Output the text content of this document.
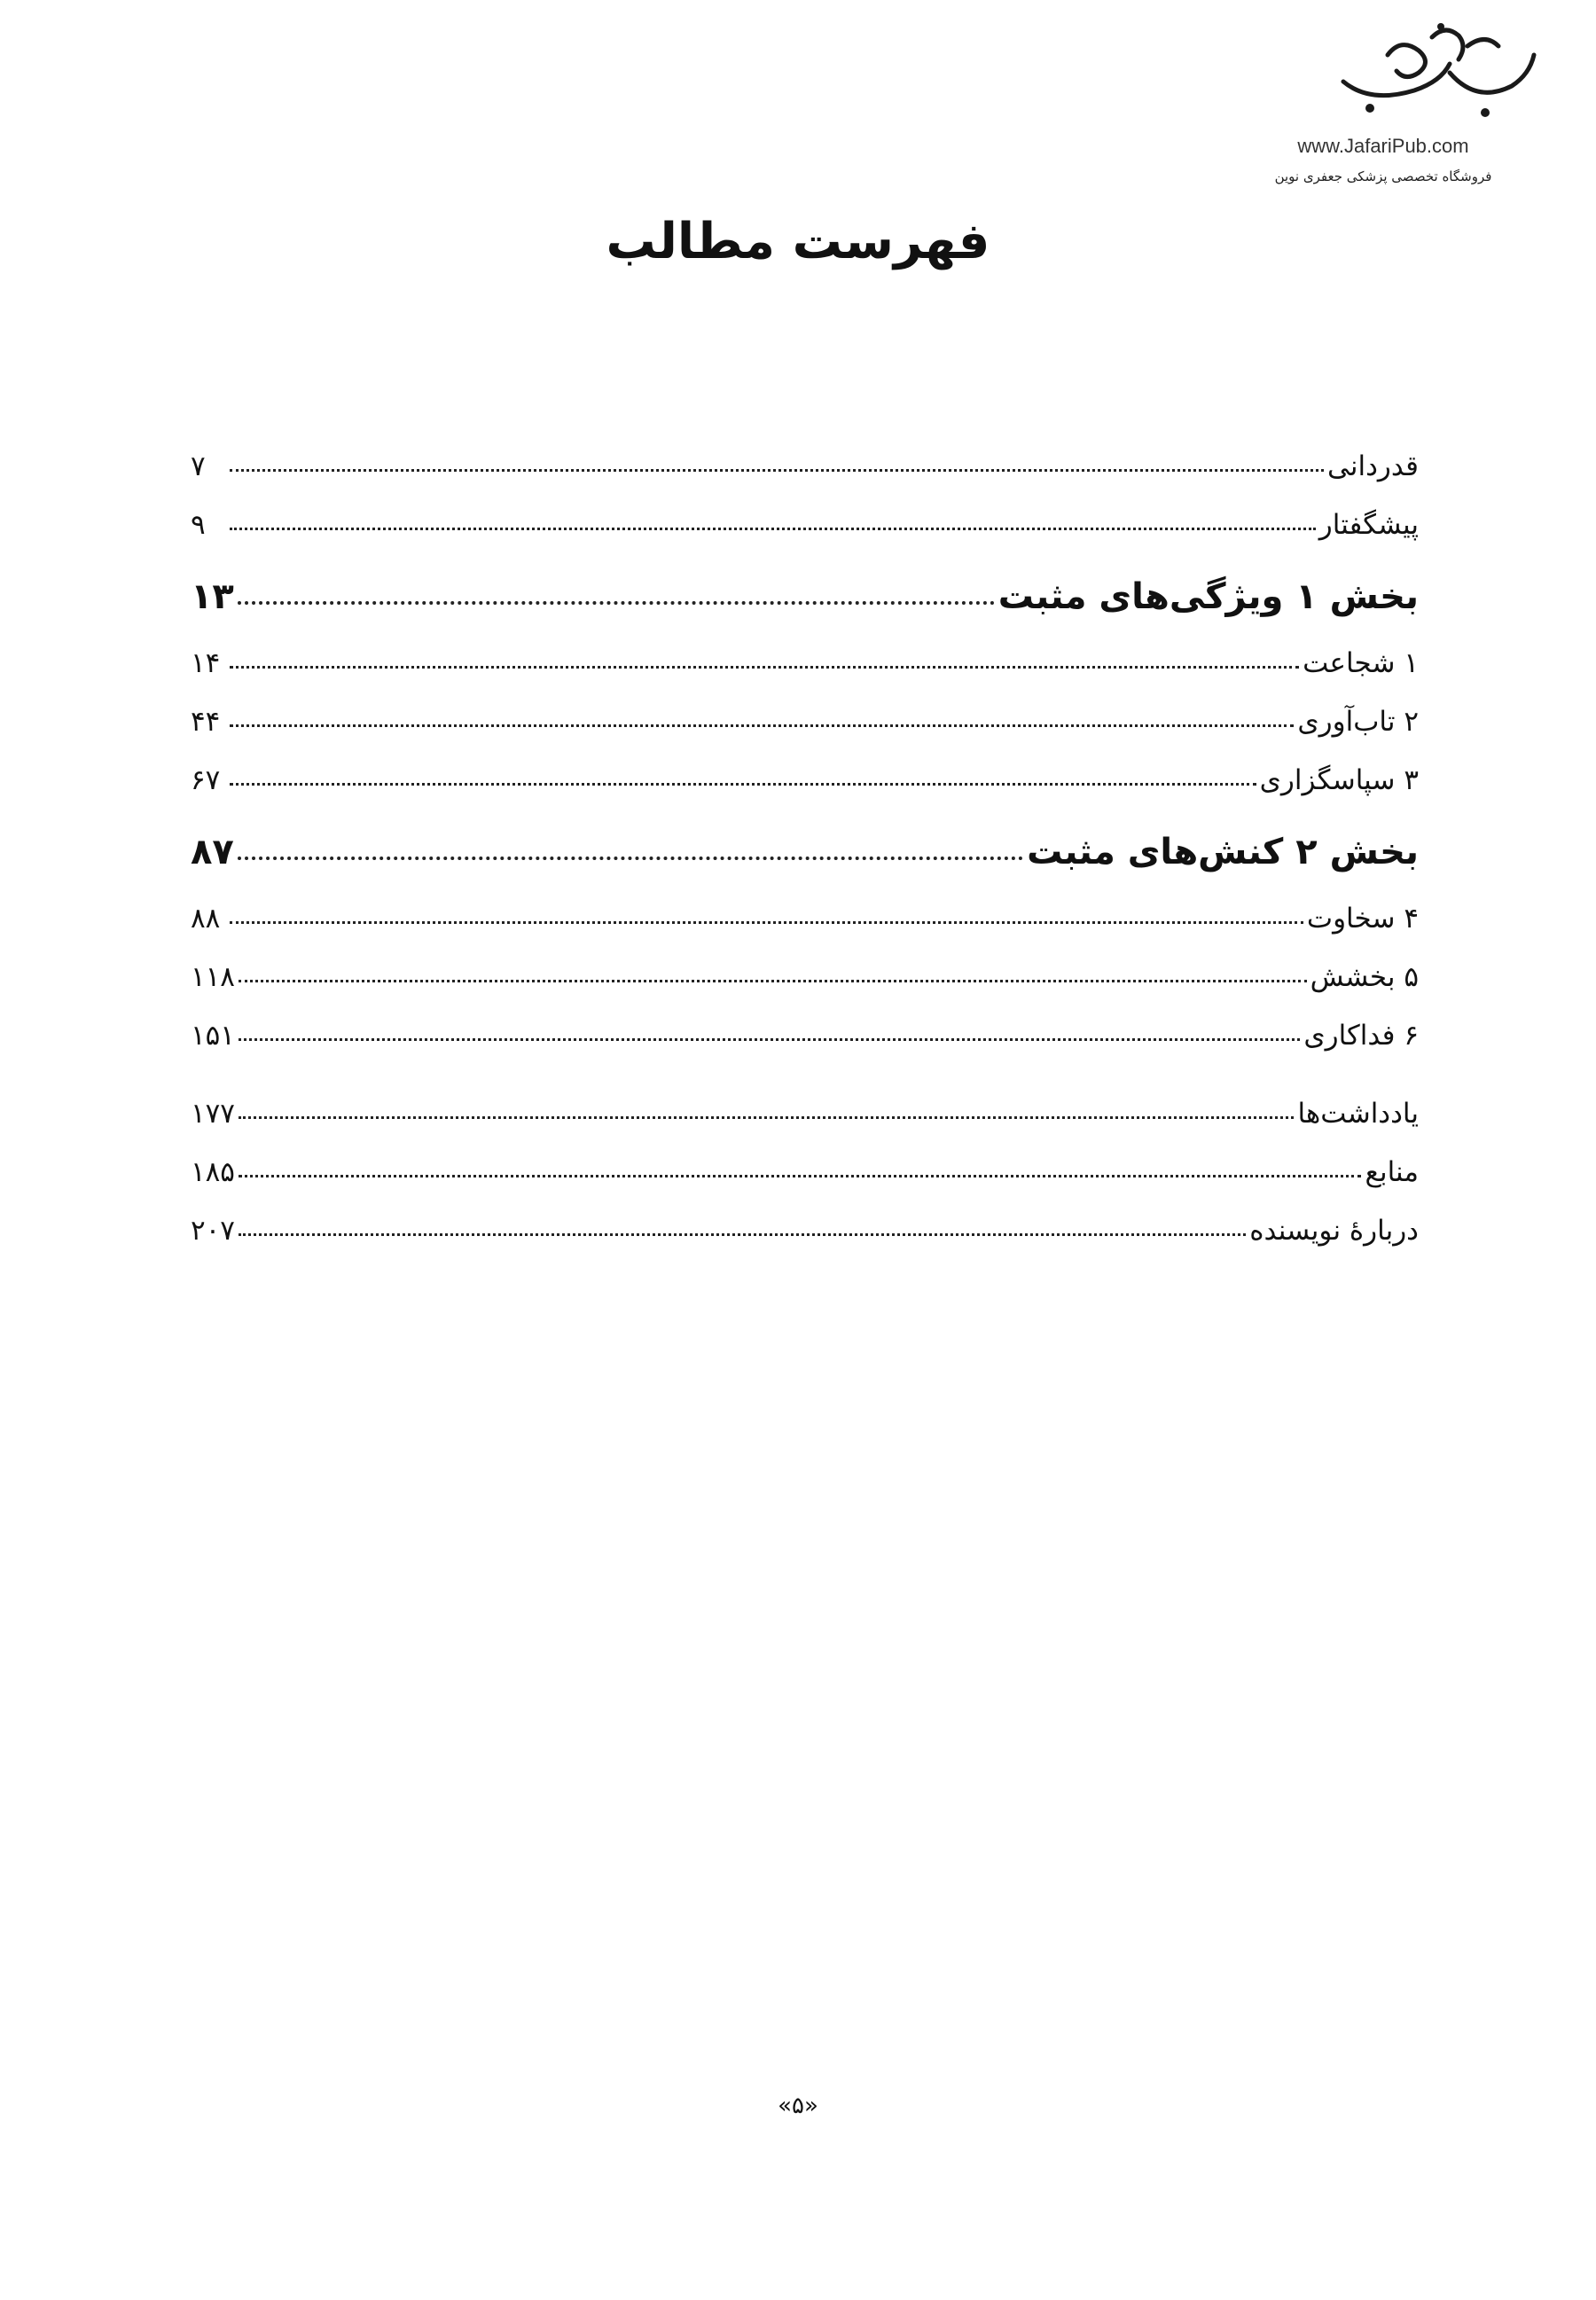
www.JafariPub.com
فروشگاه تخصصی پزشکی جعفری نوین
فهرست مطالب
قدردانی
۷
پیشگفتار
۹
بخش ۱ ویژگی‌های مثبت
۱۳
۱ شجاعت
۱۴
۲ تاب‌آوری
۴۴
۳ سپاسگزاری
۶۷
بخش ۲ کنش‌های مثبت
۸۷
۴ سخاوت
۸۸
۵ بخشش
۱۱۸
۶ فداکاری
۱۵۱
یادداشت‌ها
۱۷۷
منابع
۱۸۵
دربارۀ نویسنده
۲۰۷
«۵»
